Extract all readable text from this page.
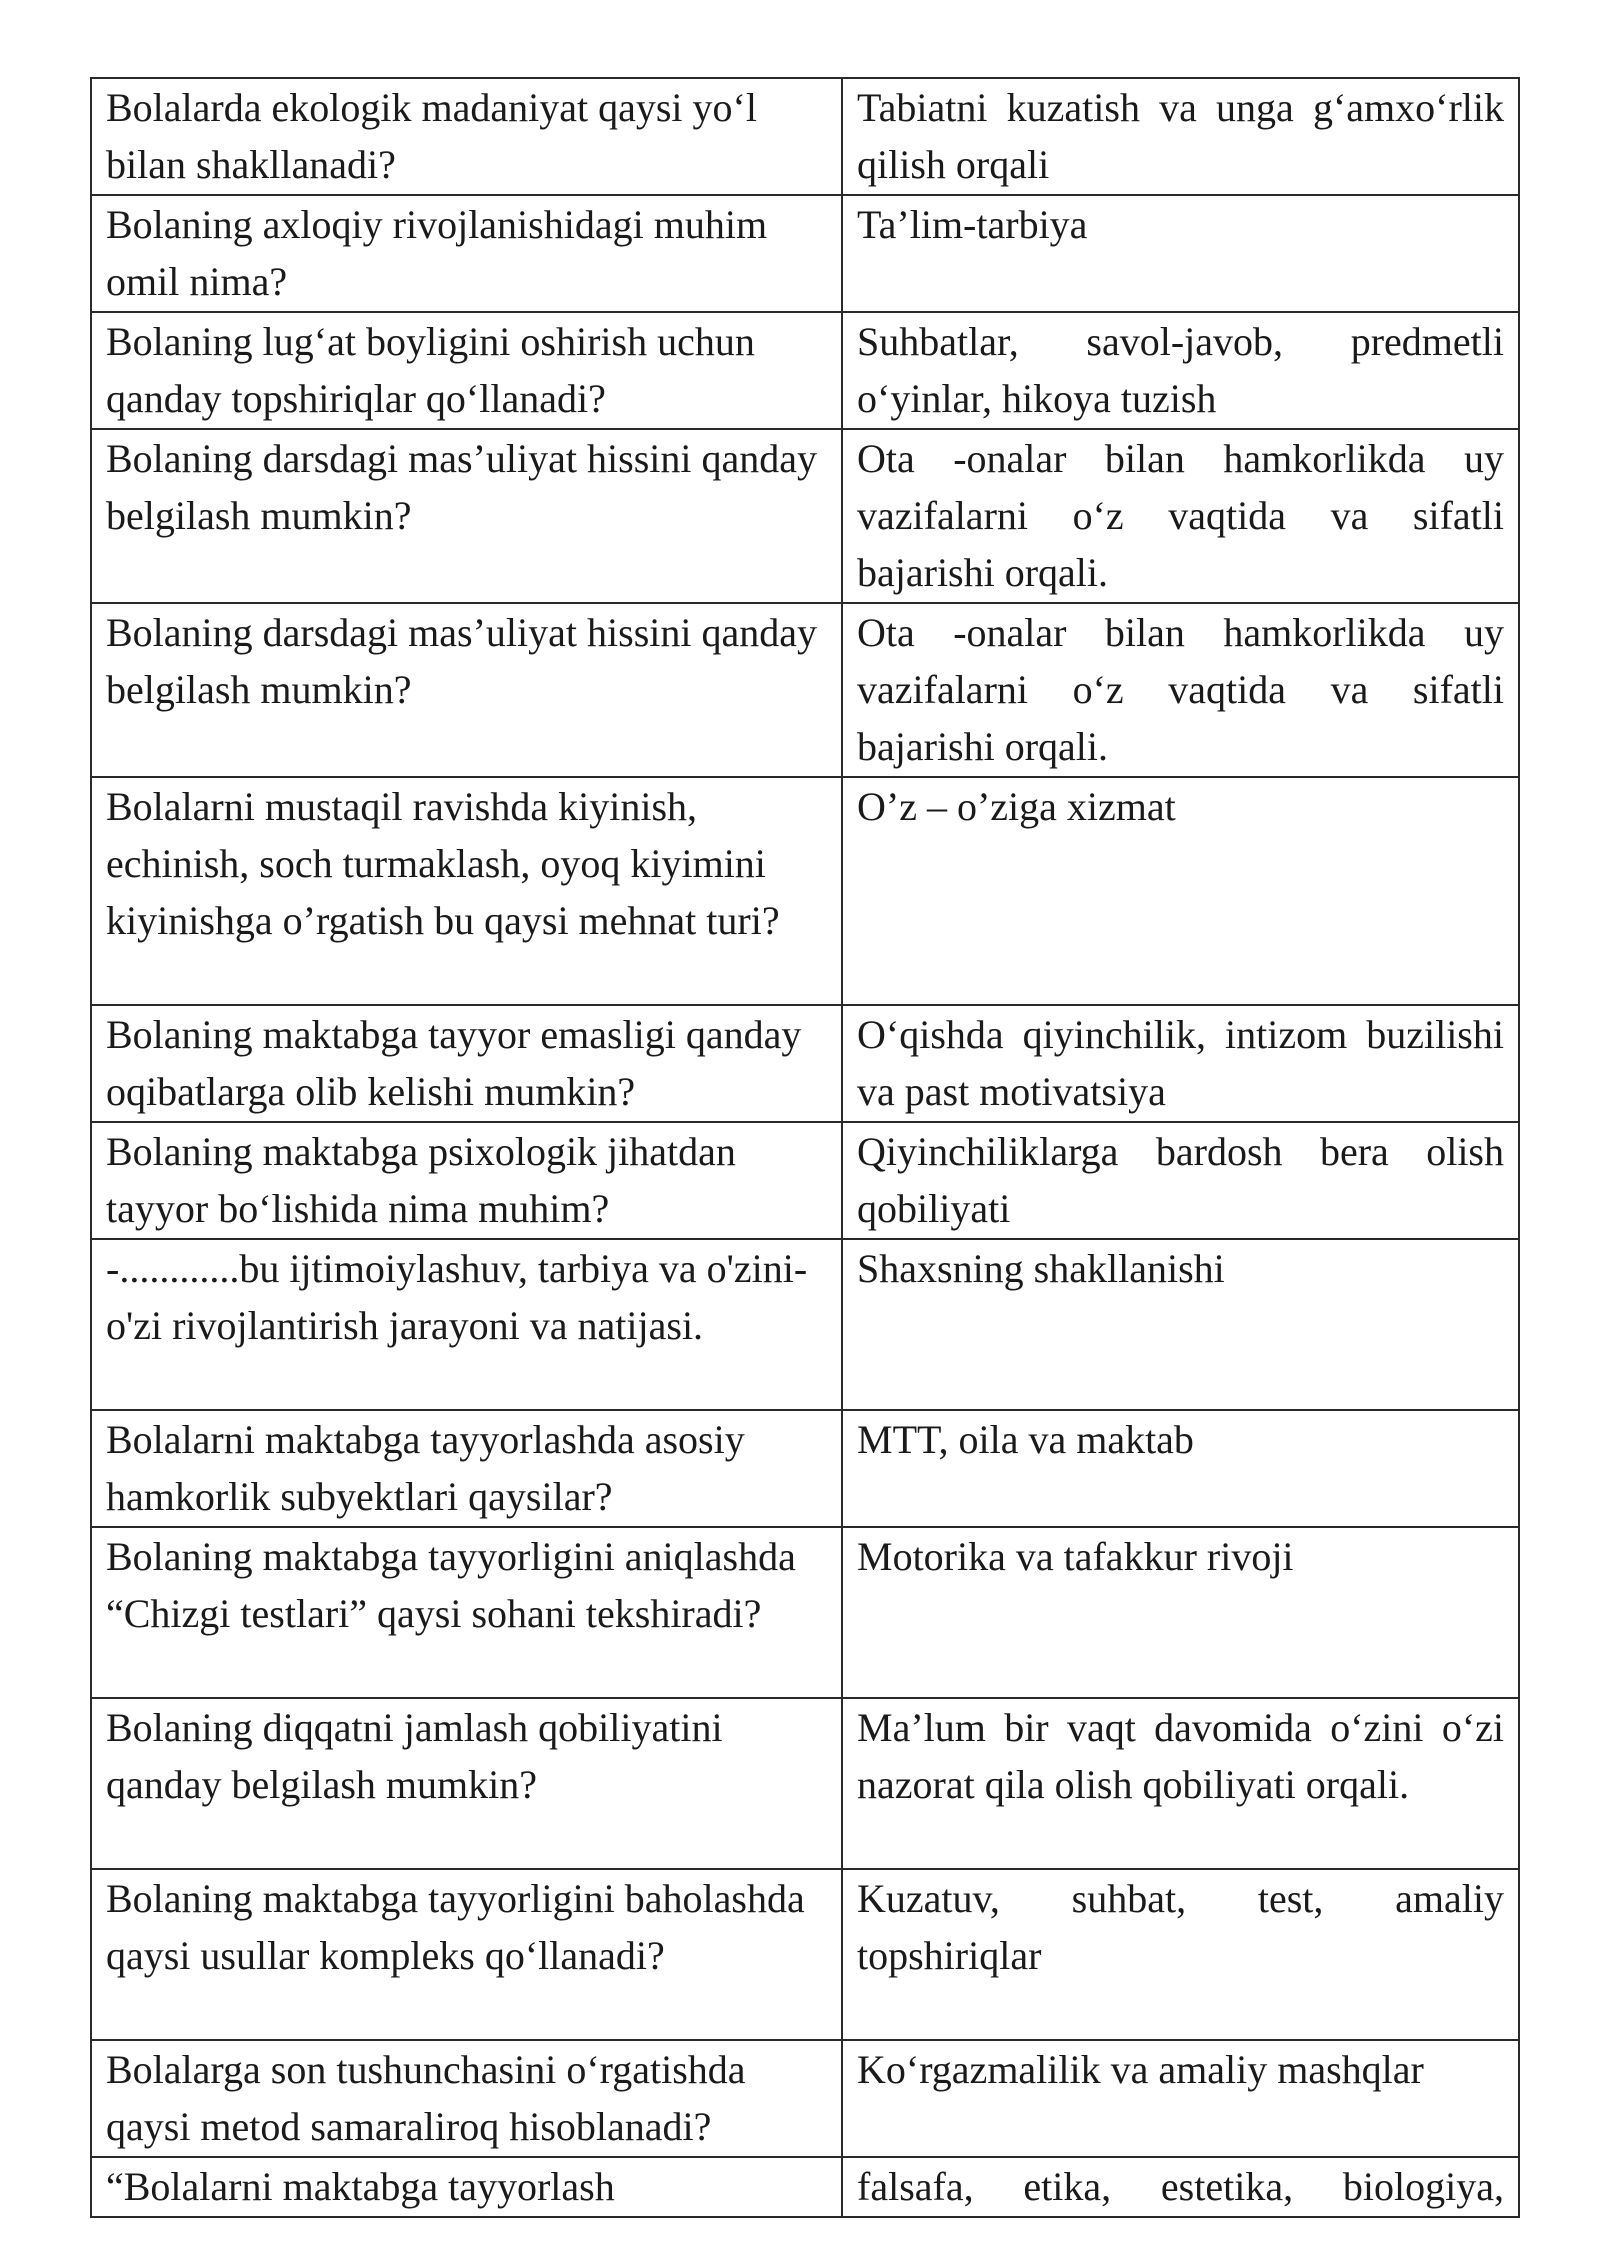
Bolalarda ekologik madaniyat qaysi yo‘l bilan shakllanadi?	Tabiatni kuzatish va unga g‘amxo‘rlik qilish orqali
Bolaning axloqiy rivojlanishidagi muhim omil nima?	Ta’lim-tarbiya
Bolaning lug‘at boyligini oshirish uchun qanday topshiriqlar qo‘llanadi?	Suhbatlar, savol-javob, predmetli o‘yinlar, hikoya tuzish
Bolaning darsdagi mas’uliyat hissini qanday belgilash mumkin?	Ota -onalar bilan hamkorlikda uy vazifalarni o‘z vaqtida va sifatli bajarishi orqali.
Bolaning darsdagi mas’uliyat hissini qanday belgilash mumkin?	Ota -onalar bilan hamkorlikda uy vazifalarni o‘z vaqtida va sifatli bajarishi orqali.
Bolalarni mustaqil ravishda kiyinish, echinish, soch turmaklash, oyoq kiyimini kiyinishga o’rgatish bu qaysi mehnat turi?	O’z – o’ziga xizmat
Bolaning maktabga tayyor emasligi qanday oqibatlarga olib kelishi mumkin?	O‘qishda qiyinchilik, intizom buzilishi va past motivatsiya
Bolaning maktabga psixologik jihatdan tayyor bo‘lishida nima muhim?	Qiyinchiliklarga bardosh bera olish qobiliyati
-............bu ijtimoiylashuv, tarbiya va o'zini-o'zi rivojlantirish jarayoni va natijasi.	Shaxsning shakllanishi
Bolalarni maktabga tayyorlashda asosiy hamkorlik subyektlari qaysilar?	MTT, oila va maktab
Bolaning maktabga tayyorligini aniqlashda “Chizgi testlari” qaysi sohani tekshiradi?	Motorika va tafakkur rivoji
Bolaning diqqatni jamlash qobiliyatini qanday belgilash mumkin?	Ma’lum bir vaqt davomida o‘zini o‘zi nazorat qila olish qobiliyati orqali.
Bolaning maktabga tayyorligini baholashda qaysi usullar kompleks qo‘llanadi?	Kuzatuv, suhbat, test, amaliy topshiriqlar
Bolalarga son tushunchasini o‘rgatishda qaysi metod samaraliroq hisoblanadi?	Ko‘rgazmalilik va amaliy mashqlar
“Bolalarni maktabga tayyorlash	falsafa, etika, estetika, biologiya,
